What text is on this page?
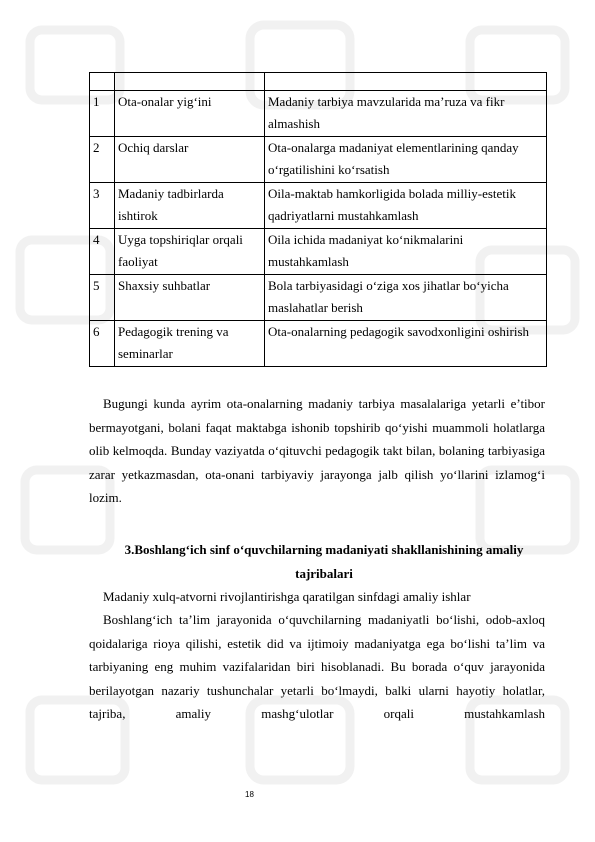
1	Ota-onalar yig‘ini	Madaniy tarbiya mavzularida ma’ruza va fikr almashish
2	Ochiq darslar	Ota-onalarga madaniyat elementlarining qanday o‘rgatilishini ko‘rsatish
3	Madaniy tadbirlarda ishtirok	Oila-maktab hamkorligida bolada milliy-estetik qadriyatlarni mustahkamlash
4	Uyga topshiriqlar orqali faoliyat	Oila ichida madaniyat ko‘nikmalarini mustahkamlash
5	Shaxsiy suhbatlar	Bola tarbiyasidagi o‘ziga xos jihatlar bo‘yicha maslahatlar berish
6	Pedagogik trening va seminarlar	Ota-onalarning pedagogik savodxonligini oshirish

Bugungi kunda ayrim ota-onalarning madaniy tarbiya masalalariga yetarli e’tibor bermayotgani, bolani faqat maktabga ishonib topshirib qo‘yishi muammoli holatlarga olib kelmoqda. Bunday vaziyatda o‘qituvchi pedagogik takt bilan, bolaning tarbiyasiga zarar yetkazmasdan, ota-onani tarbiyaviy jarayonga jalb qilish yo‘llarini izlamog‘i lozim.

3.Boshlang‘ich sinf o‘quvchilarning madaniyati shakllanishining amaliy tajribalari

Madaniy xulq-atvorni rivojlantirishga qaratilgan sinfdagi amaliy ishlar

Boshlang‘ich ta’lim jarayonida o‘quvchilarning madaniyatli bo‘lishi, odob-axloq qoidalariga rioya qilishi, estetik did va ijtimoiy madaniyatga ega bo‘lishi ta’lim va tarbiyaning eng muhim vazifalaridan biri hisoblanadi. Bu borada o‘quv jarayonida berilayotgan nazariy tushunchalar yetarli bo‘lmaydi, balki ularni hayotiy holatlar, tajriba, amaliy mashg‘ulotlar orqali mustahkamlash

18
